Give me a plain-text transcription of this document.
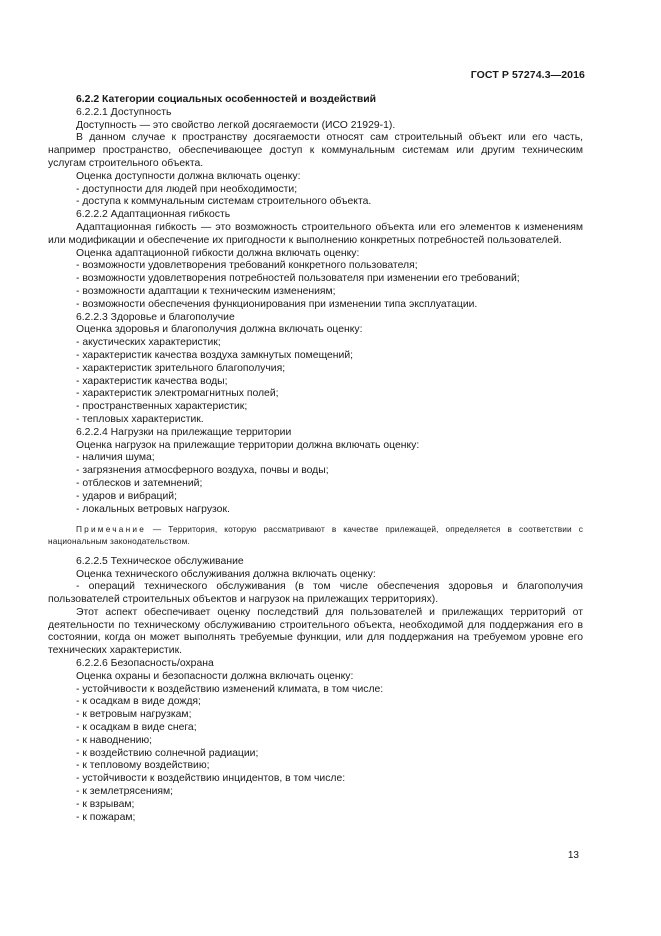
ГОСТ Р 57274.3—2016

6.2.2 Категории социальных особенностей и воздействий

6.2.2.1 Доступность

Доступность — это свойство легкой досягаемости (ИСО 21929-1).

В данном случае к пространству досягаемости относят сам строительный объект или его часть, например пространство, обеспечивающее доступ к коммунальным системам или другим техническим услугам строительного объекта.

Оценка доступности должна включать оценку:

- доступности для людей при необходимости;

- доступа к коммунальным системам строительного объекта.

6.2.2.2 Адаптационная гибкость

Адаптационная гибкость — это возможность строительного объекта или его элементов к изменениям или модификации и обеспечение их пригодности к выполнению конкретных потребностей пользователей.

Оценка адаптационной гибкости должна включать оценку:

- возможности удовлетворения требований конкретного пользователя;

- возможности удовлетворения потребностей пользователя при изменении его требований;

- возможности адаптации к техническим изменениям;

- возможности обеспечения функционирования при изменении типа эксплуатации.

6.2.2.3 Здоровье и благополучие

Оценка здоровья и благополучия должна включать оценку:

- акустических характеристик;

- характеристик качества воздуха замкнутых помещений;

- характеристик зрительного благополучия;

- характеристик качества воды;

- характеристик электромагнитных полей;

- пространственных характеристик;

- тепловых характеристик.

6.2.2.4 Нагрузки на прилежащие территории

Оценка нагрузок на прилежащие территории должна включать оценку:

- наличия шума;

- загрязнения атмосферного воздуха, почвы и воды;

- отблесков и затемнений;

- ударов и вибраций;

- локальных ветровых нагрузок.

Примечание — Территория, которую рассматривают в качестве прилежащей, определяется в соответствии с национальным законодательством.

6.2.2.5 Техническое обслуживание

Оценка технического обслуживания должна включать оценку:

- операций технического обслуживания (в том числе обеспечения здоровья и благополучия пользователей строительных объектов и нагрузок на прилежащих территориях).

Этот аспект обеспечивает оценку последствий для пользователей и прилежащих территорий от деятельности по техническому обслуживанию строительного объекта, необходимой для поддержания его в состоянии, когда он может выполнять требуемые функции, или для поддержания на требуемом уровне его технических характеристик.

6.2.2.6 Безопасность/охрана

Оценка охраны и безопасности должна включать оценку:

- устойчивости к воздействию изменений климата, в том числе:

- к осадкам в виде дождя;

- к ветровым нагрузкам;

- к осадкам в виде снега;

- к наводнению;

- к воздействию солнечной радиации;

- к тепловому воздействию;

- устойчивости к воздействию инцидентов, в том числе:

- к землетрясениям;

- к взрывам;

- к пожарам;

13
